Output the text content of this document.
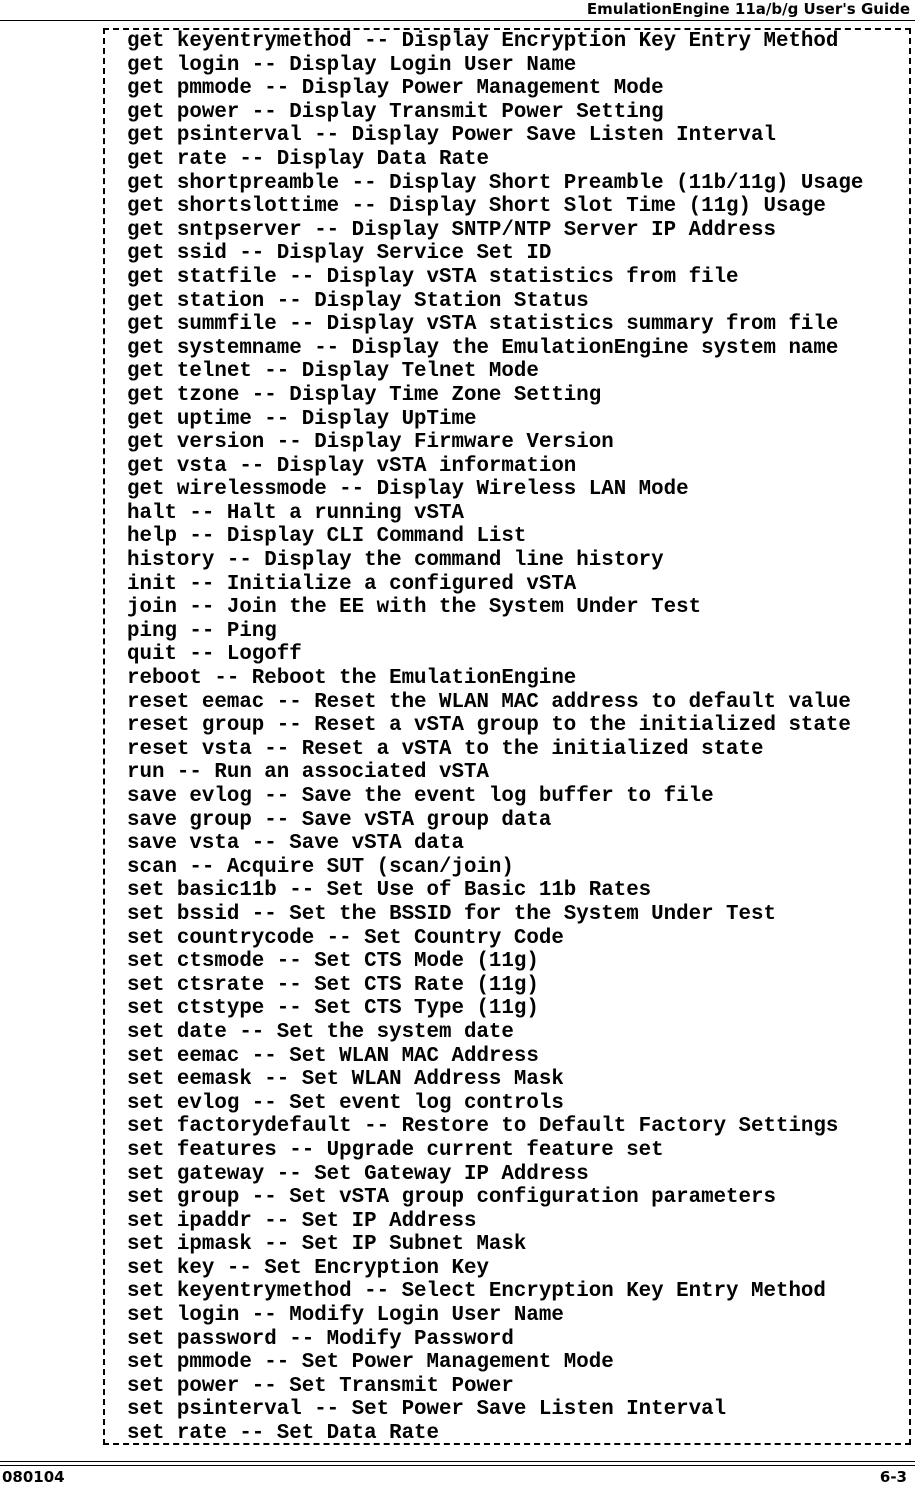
EmulationEngine 11a/b/g User's Guide
get keyentrymethod -- Display Encryption Key Entry Method
get login -- Display Login User Name
get pmmode -- Display Power Management Mode
get power -- Display Transmit Power Setting
get psinterval -- Display Power Save Listen Interval
get rate -- Display Data Rate
get shortpreamble -- Display Short Preamble (11b/11g) Usage
get shortslottime -- Display Short Slot Time (11g) Usage
get sntpserver -- Display SNTP/NTP Server IP Address
get ssid -- Display Service Set ID
get statfile -- Display vSTA statistics from file
get station -- Display Station Status
get summfile -- Display vSTA statistics summary from file
get systemname -- Display the EmulationEngine system name
get telnet -- Display Telnet Mode
get tzone -- Display Time Zone Setting
get uptime -- Display UpTime
get version -- Display Firmware Version
get vsta -- Display vSTA information
get wirelessmode -- Display Wireless LAN Mode
halt -- Halt a running vSTA
help -- Display CLI Command List
history -- Display the command line history
init -- Initialize a configured vSTA
join -- Join the EE with the System Under Test
ping -- Ping
quit -- Logoff
reboot -- Reboot the EmulationEngine
reset eemac -- Reset the WLAN MAC address to default value
reset group -- Reset a vSTA group to the initialized state
reset vsta -- Reset a vSTA to the initialized state
run -- Run an associated vSTA
save evlog -- Save the event log buffer to file
save group -- Save vSTA group data
save vsta -- Save vSTA data
scan -- Acquire SUT (scan/join)
set basic11b -- Set Use of Basic 11b Rates
set bssid -- Set the BSSID for the System Under Test
set countrycode -- Set Country Code
set ctsmode -- Set CTS Mode (11g)
set ctsrate -- Set CTS Rate (11g)
set ctstype -- Set CTS Type (11g)
set date -- Set the system date
set eemac -- Set WLAN MAC Address
set eemask -- Set WLAN Address Mask
set evlog -- Set event log controls
set factorydefault -- Restore to Default Factory Settings
set features -- Upgrade current feature set
set gateway -- Set Gateway IP Address
set group -- Set vSTA group configuration parameters
set ipaddr -- Set IP Address
set ipmask -- Set IP Subnet Mask
set key -- Set Encryption Key
set keyentrymethod -- Select Encryption Key Entry Method
set login -- Modify Login User Name
set password -- Modify Password
set pmmode -- Set Power Management Mode
set power -- Set Transmit Power
set psinterval -- Set Power Save Listen Interval
set rate -- Set Data Rate
080104	6-3
